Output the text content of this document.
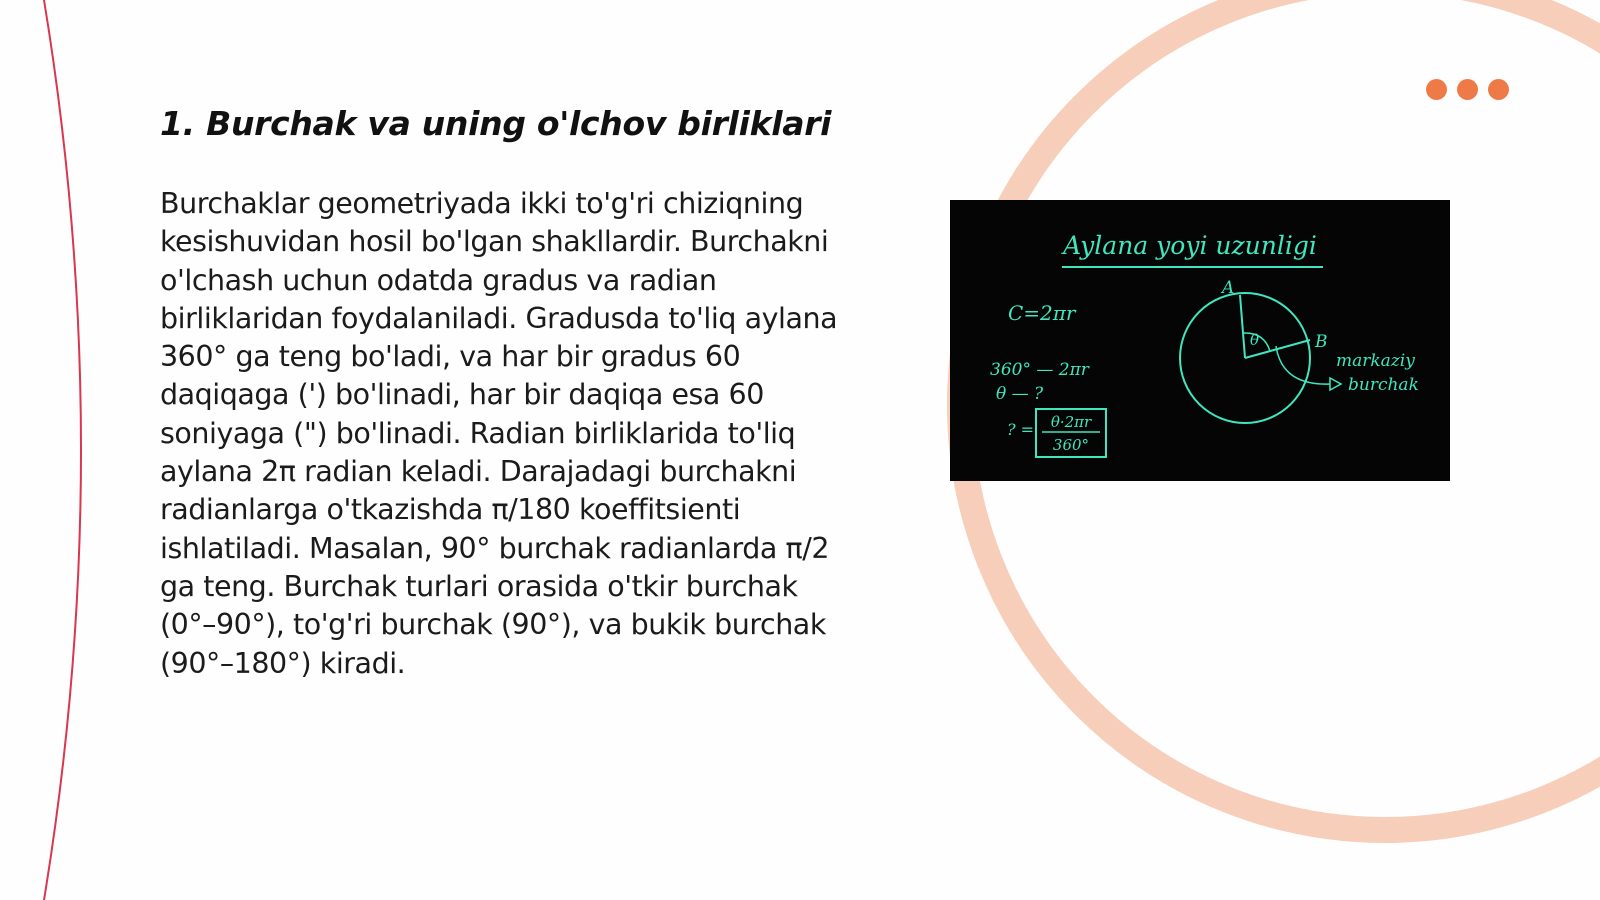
1. Burchak va uning o'lchov birliklari

Burchaklar geometriyada ikki to'g'ri chiziqning kesishuvidan hosil bo'lgan shakllardir. Burchakni o'lchash uchun odatda gradus va radian birliklaridan foydalaniladi. Gradusda to'liq aylana 360° ga teng bo'ladi, va har bir gradus 60 daqiqaga (') bo'linadi, har bir daqiqa esa 60 soniyaga (") bo'linadi. Radian birliklarida to'liq aylana 2π radian keladi. Darajadagi burchakni radianlarga o'tkazishda π/180 koeffitsienti ishlatiladi. Masalan, 90° burchak radianlarda π/2 ga teng. Burchak turlari orasida o'tkir burchak (0°–90°), to'g'ri burchak (90°), va bukik burchak (90°–180°) kiradi.

Aylana yoyi uzunligi
C=2πr
360° — 2πr
θ — ?
? = θ·2πr
360°
A
B
θ
markaziy
burchak
